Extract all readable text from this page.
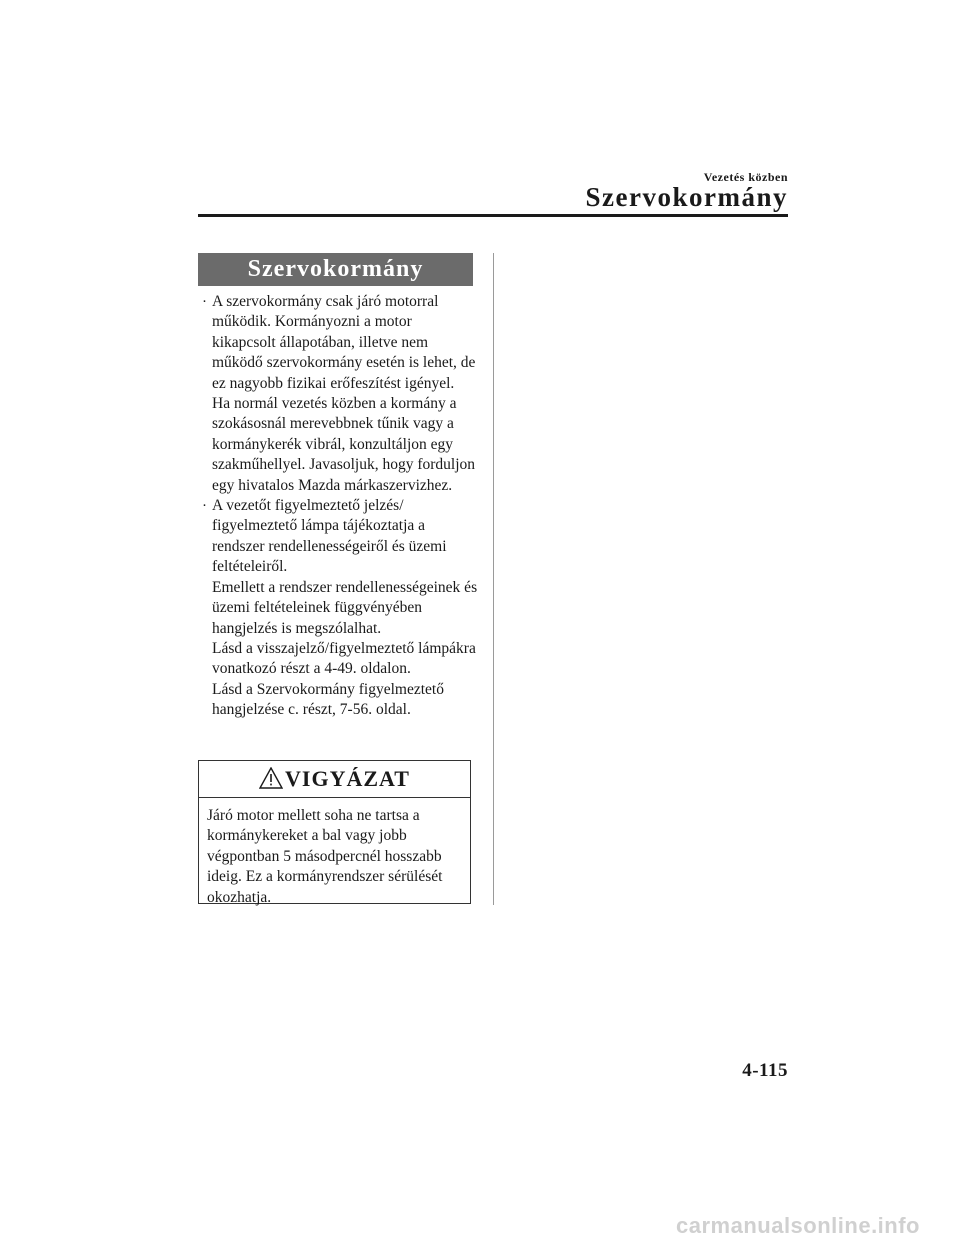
Vezetés közben
Szervokormány
Szervokormány
· A szervokormány csak járó motorral működik. Kormányozni a motor kikapcsolt állapotában, illetve nem működő szervokormány esetén is lehet, de ez nagyobb fizikai erőfeszítést igényel.
Ha normál vezetés közben a kormány a szokásosnál merevebbnek tűnik vagy a kormánykerék vibrál, konzultáljon egy szakműhellyel. Javasoljuk, hogy forduljon egy hivatalos Mazda márkaszervizhez.
· A vezetőt figyelmeztető jelzés/ figyelmeztető lámpa tájékoztatja a rendszer rendellenességeiről és üzemi feltételeiről.
Emellett a rendszer rendellenességeinek és üzemi feltételeinek függvényében hangjelzés is megszólalhat.
Lásd a visszajelző/figyelmeztető lámpákra vonatkozó részt a 4-49. oldalon.
Lásd a Szervokormány figyelmeztető hangjelzése c. részt, 7-56. oldal.
VIGYÁZAT
Járó motor mellett soha ne tartsa a kormánykereket a bal vagy jobb végpontban 5 másodpercnél hosszabb ideig. Ez a kormányrendszer sérülését okozhatja.
4-115
carmanualsonline.info
